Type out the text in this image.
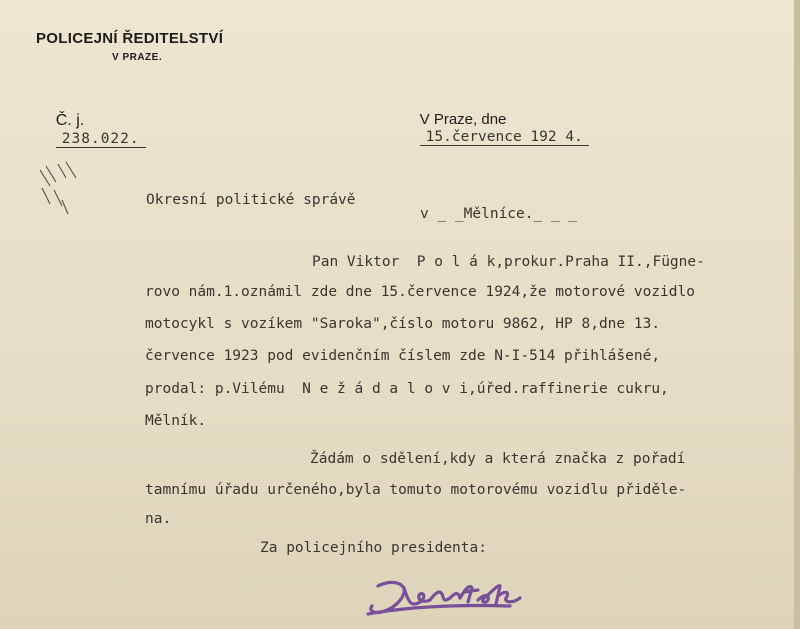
POLICEJNÍ ŘEDITELSTVÍ
V PRAZE.

Č. j.
238.022.

V Praze, dne
15.července 192 4.

Okresní politické správě
v _ _Mělníce._ _ _
Pan Viktor  P o l á k,prokur.Praha II.,Fügne-
rovo nám.1.oznámil zde dne 15.července 1924,že motorové vozidlo
motocykl s vozíkem "Saroka",číslo motoru 9862, HP 8,dne 13.
července 1923 pod evidenčním číslem zde N-I-514 přihlášené,
prodal: p.Vilému  N e ž á d a l o v i,úřed.raffinerie cukru,
Mělník.
Žádám o sdělení,kdy a která značka z pořadí
tamnímu úřadu určeného,byla tomuto motorovému vozidlu přiděle-
na.
Za policejního presidenta:
